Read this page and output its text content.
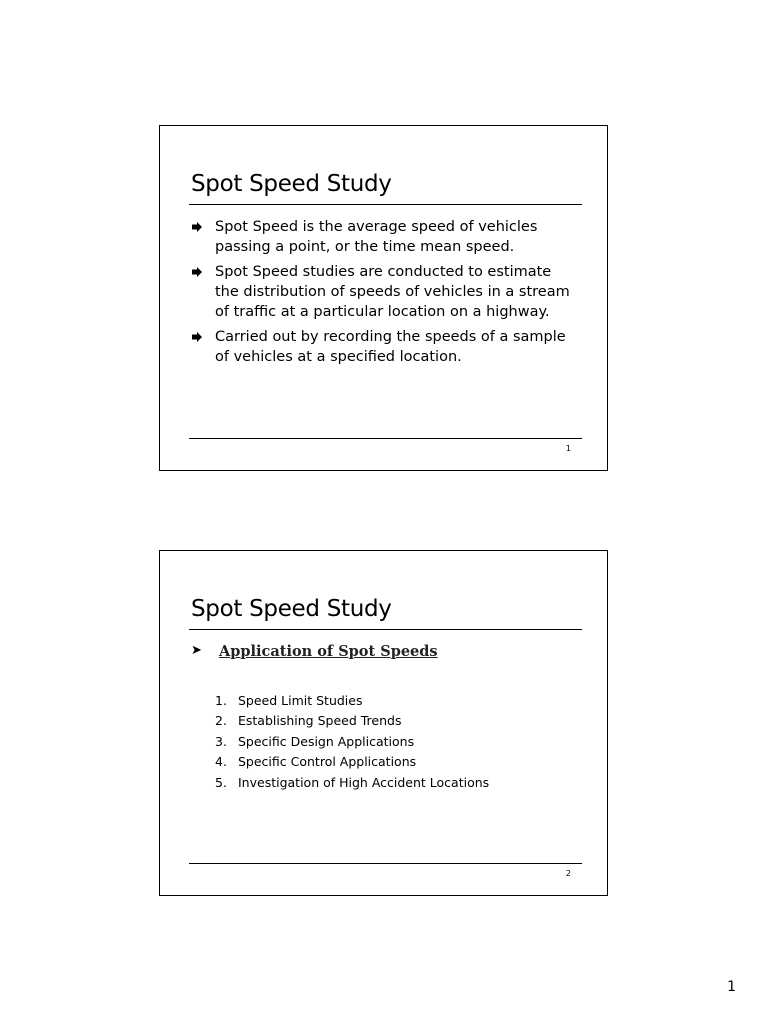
Spot Speed Study
Spot Speed is the average speed of vehicles passing a point, or the time mean speed.
Spot Speed studies are conducted to estimate the distribution of speeds of vehicles in a stream of traffic at a particular location on a highway.
Carried out by recording the speeds of a sample of vehicles at a specified location.
1
Spot Speed Study
➤ Application of Spot Speeds
1. Speed Limit Studies
2. Establishing Speed Trends
3. Specific Design Applications
4. Specific Control Applications
5. Investigation of High Accident Locations
2
1
